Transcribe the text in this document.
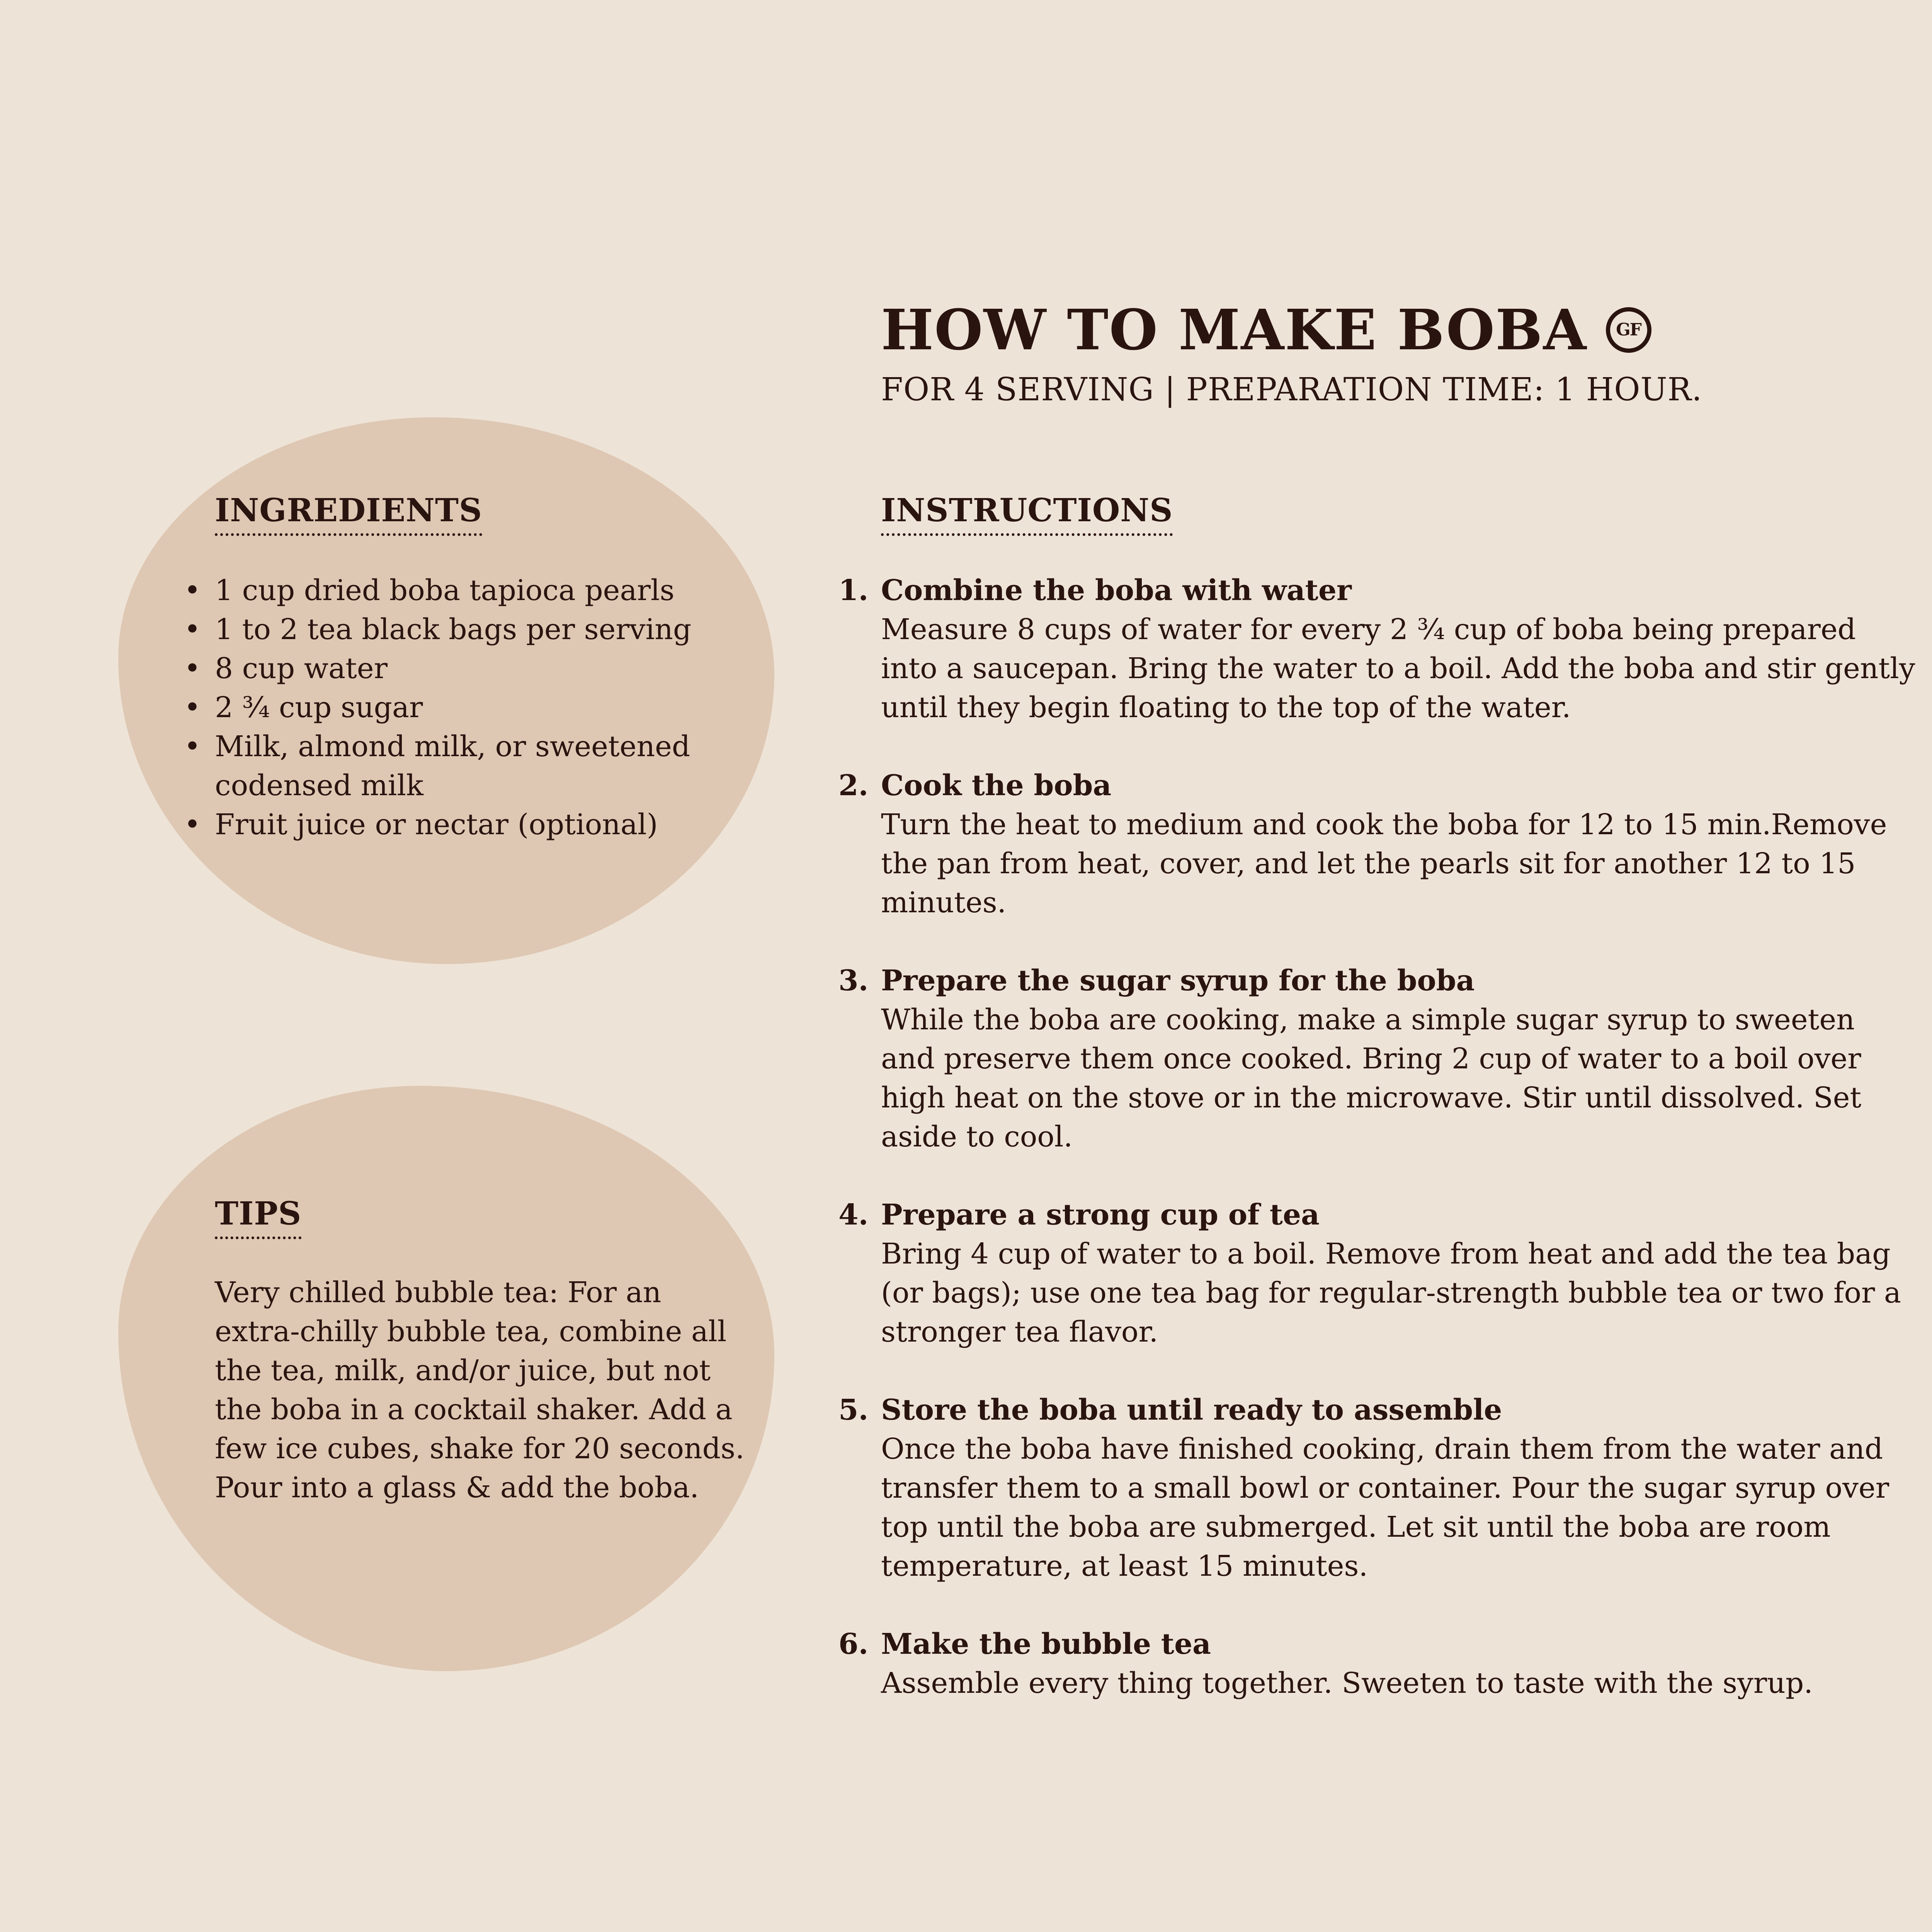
HOW TO MAKE BOBA	GF

FOR 4 SERVING | PREPARATION TIME: 1 HOUR.

INGREDIENTS
• 1 cup dried boba tapioca pearls
• 1 to 2 tea black bags per serving
• 8 cup water
• 2 ¾ cup sugar
• Milk, almond milk, or sweetened codensed milk
• Fruit juice or nectar (optional)
TIPS

Very chilled bubble tea: For an extra-chilly bubble tea, combine all the tea, milk, and/or juice, but not the boba in a cocktail shaker. Add a few ice cubes, shake for 20 seconds. Pour into a glass & add the boba.

INSTRUCTIONS
1. Combine the boba with water
Measure 8 cups of water for every 2 ¾ cup of boba being prepared into a saucepan. Bring the water to a boil. Add the boba and stir gently until they begin floating to the top of the water.
2. Cook the boba
Turn the heat to medium and cook the boba for 12 to 15 min.Remove the pan from heat, cover, and let the pearls sit for another 12 to 15 minutes.
3. Prepare the sugar syrup for the boba
While the boba are cooking, make a simple sugar syrup to sweeten and preserve them once cooked. Bring 2 cup of water to a boil over high heat on the stove or in the microwave. Stir until dissolved. Set aside to cool.
4. Prepare a strong cup of tea
Bring 4 cup of water to a boil. Remove from heat and add the tea bag (or bags); use one tea bag for regular-strength bubble tea or two for a stronger tea flavor.
5. Store the boba until ready to assemble
Once the boba have finished cooking, drain them from the water and transfer them to a small bowl or container. Pour the sugar syrup over top until the boba are submerged. Let sit until the boba are room temperature, at least 15 minutes.
6. Make the bubble tea
Assemble every thing together. Sweeten to taste with the syrup.
